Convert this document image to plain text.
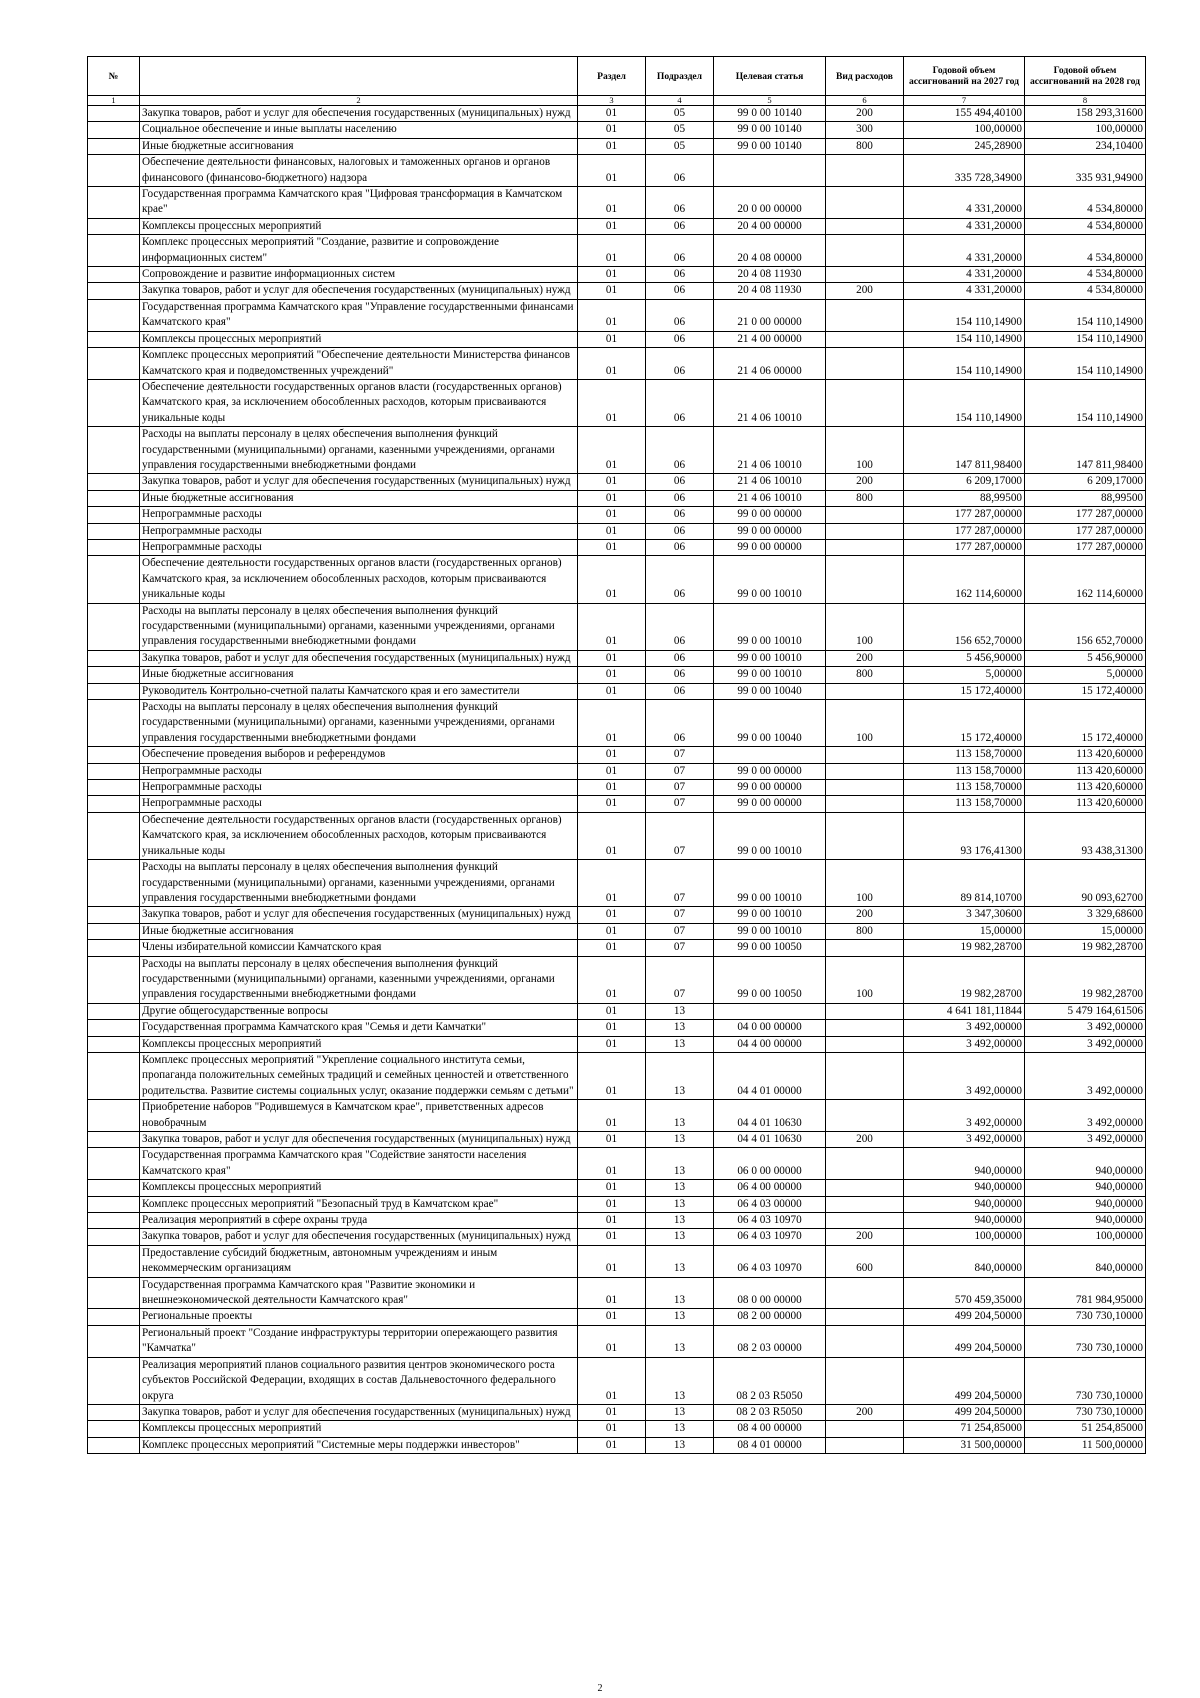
№		Раздел	Подраздел	Целевая статья	Вид расходов	Годовой объем ассигнований на 2027 год	Годовой объем ассигнований на 2028 год
1	2	3	4	5	6	7	8
	Закупка товаров, работ и услуг для обеспечения государственных (муниципальных) нужд	01	05	99 0 00 10140	200	155 494,40100	158 293,31600
	Социальное обеспечение и иные выплаты населению	01	05	99 0 00 10140	300	100,00000	100,00000
	Иные бюджетные ассигнования	01	05	99 0 00 10140	800	245,28900	234,10400
	Обеспечение деятельности финансовых, налоговых и таможенных органов и органов финансового (финансово-бюджетного) надзора	01	06			335 728,34900	335 931,94900
	Государственная программа Камчатского края "Цифровая трансформация в Камчатском крае"	01	06	20 0 00 00000		4 331,20000	4 534,80000
	Комплексы процессных мероприятий	01	06	20 4 00 00000		4 331,20000	4 534,80000
	Комплекс процессных мероприятий "Создание, развитие и сопровождение информационных систем"	01	06	20 4 08 00000		4 331,20000	4 534,80000
	Сопровождение и развитие информационных систем	01	06	20 4 08 11930		4 331,20000	4 534,80000
	Закупка товаров, работ и услуг для обеспечения государственных (муниципальных) нужд	01	06	20 4 08 11930	200	4 331,20000	4 534,80000
	Государственная программа Камчатского края "Управление государственными финансами Камчатского края"	01	06	21 0 00 00000		154 110,14900	154 110,14900
	Комплексы процессных мероприятий	01	06	21 4 00 00000		154 110,14900	154 110,14900
	Комплекс процессных мероприятий "Обеспечение деятельности Министерства финансов Камчатского края и подведомственных учреждений"	01	06	21 4 06 00000		154 110,14900	154 110,14900
	Обеспечение деятельности государственных органов власти (государственных органов) Камчатского края, за исключением обособленных расходов, которым присваиваются уникальные коды	01	06	21 4 06 10010		154 110,14900	154 110,14900
	Расходы на выплаты персоналу в целях обеспечения выполнения функций государственными (муниципальными) органами, казенными учреждениями, органами управления государственными внебюджетными фондами	01	06	21 4 06 10010	100	147 811,98400	147 811,98400
	Закупка товаров, работ и услуг для обеспечения государственных (муниципальных) нужд	01	06	21 4 06 10010	200	6 209,17000	6 209,17000
	Иные бюджетные ассигнования	01	06	21 4 06 10010	800	88,99500	88,99500
	Непрограммные расходы	01	06	99 0 00 00000		177 287,00000	177 287,00000
	Непрограммные расходы	01	06	99 0 00 00000		177 287,00000	177 287,00000
	Непрограммные расходы	01	06	99 0 00 00000		177 287,00000	177 287,00000
	Обеспечение деятельности государственных органов власти (государственных органов) Камчатского края, за исключением обособленных расходов, которым присваиваются уникальные коды	01	06	99 0 00 10010		162 114,60000	162 114,60000
	Расходы на выплаты персоналу в целях обеспечения выполнения функций государственными (муниципальными) органами, казенными учреждениями, органами управления государственными внебюджетными фондами	01	06	99 0 00 10010	100	156 652,70000	156 652,70000
	Закупка товаров, работ и услуг для обеспечения государственных (муниципальных) нужд	01	06	99 0 00 10010	200	5 456,90000	5 456,90000
	Иные бюджетные ассигнования	01	06	99 0 00 10010	800	5,00000	5,00000
	Руководитель Контрольно-счетной палаты Камчатского края и его заместители	01	06	99 0 00 10040		15 172,40000	15 172,40000
	Расходы на выплаты персоналу в целях обеспечения выполнения функций государственными (муниципальными) органами, казенными учреждениями, органами управления государственными внебюджетными фондами	01	06	99 0 00 10040	100	15 172,40000	15 172,40000
	Обеспечение проведения выборов и референдумов	01	07			113 158,70000	113 420,60000
	Непрограммные расходы	01	07	99 0 00 00000		113 158,70000	113 420,60000
	Непрограммные расходы	01	07	99 0 00 00000		113 158,70000	113 420,60000
	Непрограммные расходы	01	07	99 0 00 00000		113 158,70000	113 420,60000
	Обеспечение деятельности государственных органов власти (государственных органов) Камчатского края, за исключением обособленных расходов, которым присваиваются уникальные коды	01	07	99 0 00 10010		93 176,41300	93 438,31300
	Расходы на выплаты персоналу в целях обеспечения выполнения функций государственными (муниципальными) органами, казенными учреждениями, органами управления государственными внебюджетными фондами	01	07	99 0 00 10010	100	89 814,10700	90 093,62700
	Закупка товаров, работ и услуг для обеспечения государственных (муниципальных) нужд	01	07	99 0 00 10010	200	3 347,30600	3 329,68600
	Иные бюджетные ассигнования	01	07	99 0 00 10010	800	15,00000	15,00000
	Члены избирательной комиссии Камчатского края	01	07	99 0 00 10050		19 982,28700	19 982,28700
	Расходы на выплаты персоналу в целях обеспечения выполнения функций государственными (муниципальными) органами, казенными учреждениями, органами управления государственными внебюджетными фондами	01	07	99 0 00 10050	100	19 982,28700	19 982,28700
	Другие общегосударственные вопросы	01	13			4 641 181,11844	5 479 164,61506
	Государственная программа Камчатского края "Семья и дети Камчатки"	01	13	04 0 00 00000		3 492,00000	3 492,00000
	Комплексы процессных мероприятий	01	13	04 4 00 00000		3 492,00000	3 492,00000
	Комплекс процессных мероприятий "Укрепление социального института семьи, пропаганда положительных семейных традиций и семейных ценностей и ответственного родительства. Развитие системы социальных услуг, оказание поддержки семьям с детьми"	01	13	04 4 01 00000		3 492,00000	3 492,00000
	Приобретение наборов "Родившемуся в Камчатском крае", приветственных адресов новобрачным	01	13	04 4 01 10630		3 492,00000	3 492,00000
	Закупка товаров, работ и услуг для обеспечения государственных (муниципальных) нужд	01	13	04 4 01 10630	200	3 492,00000	3 492,00000
	Государственная программа Камчатского края "Содействие занятости населения Камчатского края"	01	13	06 0 00 00000		940,00000	940,00000
	Комплексы процессных мероприятий	01	13	06 4 00 00000		940,00000	940,00000
	Комплекс процессных мероприятий "Безопасный труд в Камчатском крае"	01	13	06 4 03 00000		940,00000	940,00000
	Реализация мероприятий в сфере охраны труда	01	13	06 4 03 10970		940,00000	940,00000
	Закупка товаров, работ и услуг для обеспечения государственных (муниципальных) нужд	01	13	06 4 03 10970	200	100,00000	100,00000
	Предоставление субсидий бюджетным, автономным учреждениям и иным некоммерческим организациям	01	13	06 4 03 10970	600	840,00000	840,00000
	Государственная программа Камчатского края "Развитие экономики и внешнеэкономической деятельности Камчатского края"	01	13	08 0 00 00000		570 459,35000	781 984,95000
	Региональные проекты	01	13	08 2 00 00000		499 204,50000	730 730,10000
	Региональный проект "Создание инфраструктуры территории опережающего развития "Камчатка"	01	13	08 2 03 00000		499 204,50000	730 730,10000
	Реализация мероприятий планов социального развития центров экономического роста субъектов Российской Федерации, входящих в состав Дальневосточного федерального округа	01	13	08 2 03 R5050		499 204,50000	730 730,10000
	Закупка товаров, работ и услуг для обеспечения государственных (муниципальных) нужд	01	13	08 2 03 R5050	200	499 204,50000	730 730,10000
	Комплексы процессных мероприятий	01	13	08 4 00 00000		71 254,85000	51 254,85000
	Комплекс процессных мероприятий "Системные меры поддержки инвесторов"	01	13	08 4 01 00000		31 500,00000	11 500,00000
2
